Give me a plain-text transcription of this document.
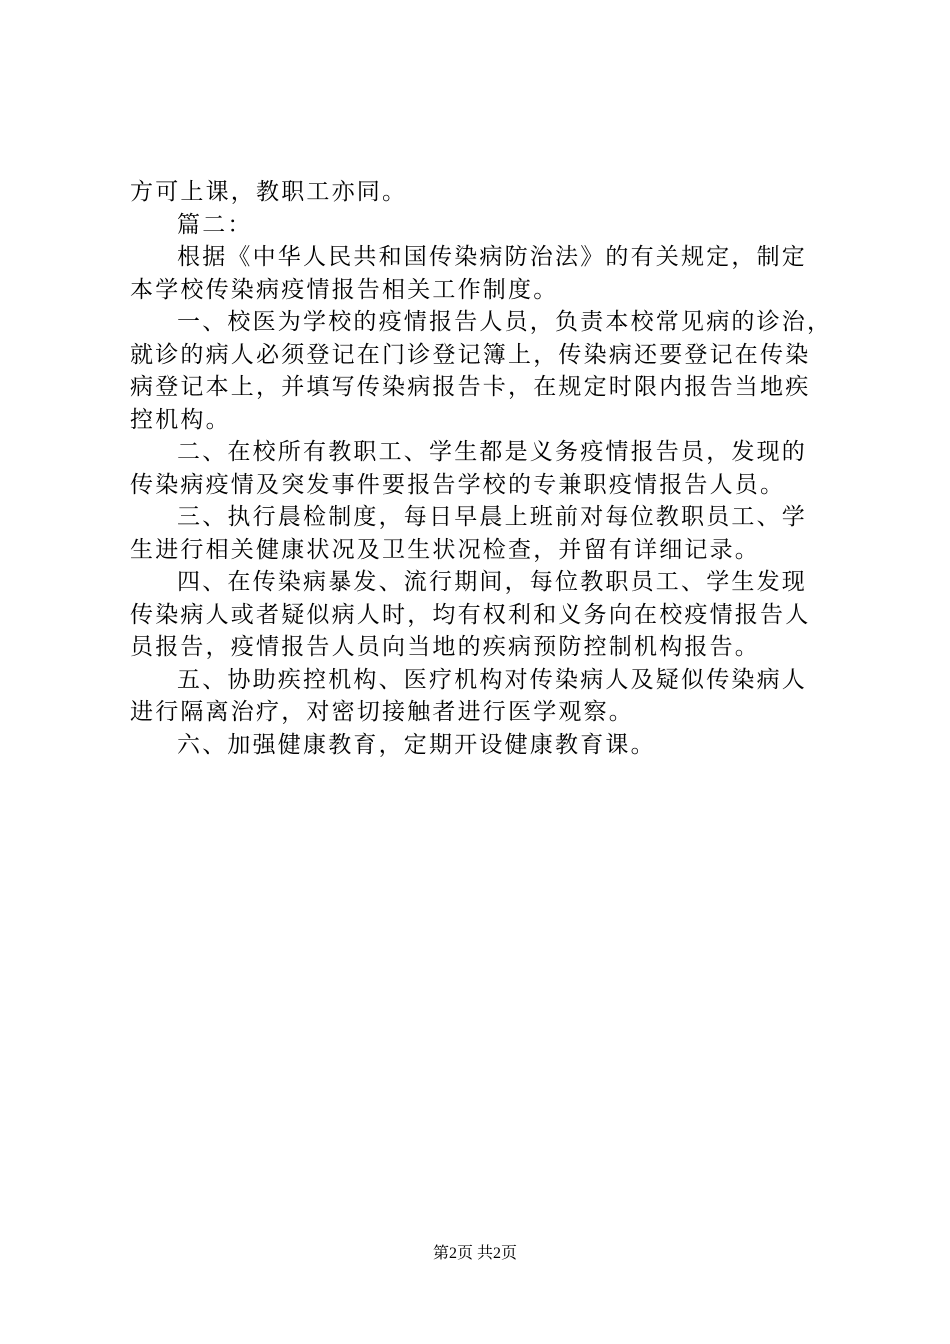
方可上课，教职工亦同。

篇二：

根据《中华人民共和国传染病防治法》的有关规定，制定

本学校传染病疫情报告相关工作制度。

一、校医为学校的疫情报告人员，负责本校常见病的诊治，

就诊的病人必须登记在门诊登记簿上，传染病还要登记在传染

病登记本上，并填写传染病报告卡，在规定时限内报告当地疾

控机构。

二、在校所有教职工、学生都是义务疫情报告员，发现的

传染病疫情及突发事件要报告学校的专兼职疫情报告人员。

三、执行晨检制度，每日早晨上班前对每位教职员工、学

生进行相关健康状况及卫生状况检查，并留有详细记录。

四、在传染病暴发、流行期间，每位教职员工、学生发现

传染病人或者疑似病人时，均有权利和义务向在校疫情报告人

员报告，疫情报告人员向当地的疾病预防控制机构报告。

五、协助疾控机构、医疗机构对传染病人及疑似传染病人

进行隔离治疗，对密切接触者进行医学观察。

六、加强健康教育，定期开设健康教育课。

第2页 共2页
